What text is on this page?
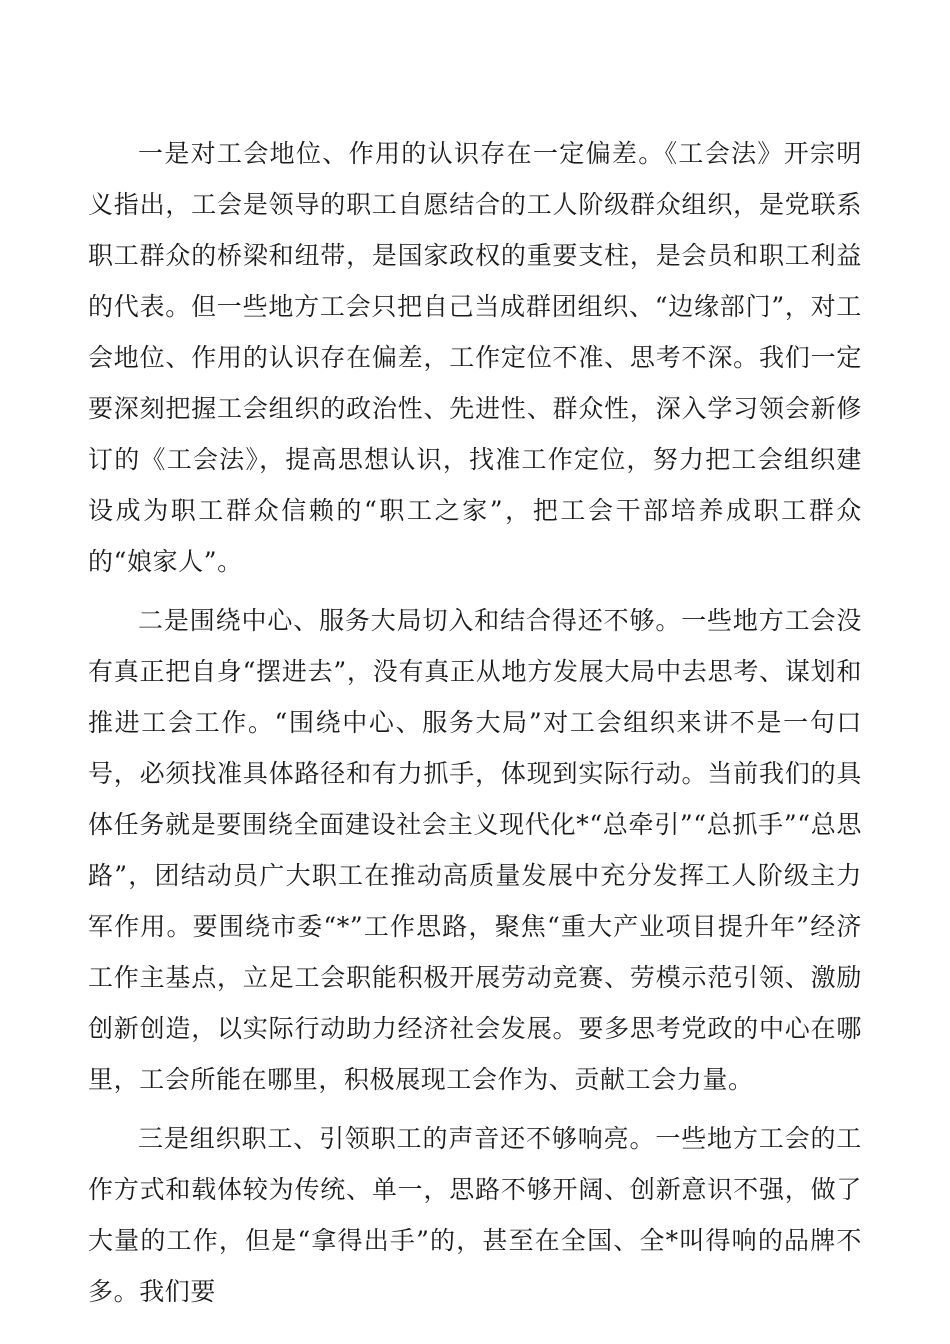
一是对工会地位、作用的认识存在一定偏差。《工会法》开宗明义指出，工会是领导的职工自愿结合的工人阶级群众组织，是党联系职工群众的桥梁和纽带，是国家政权的重要支柱，是会员和职工利益的代表。但一些地方工会只把自己当成群团组织、“边缘部门”，对工会地位、作用的认识存在偏差，工作定位不准、思考不深。我们一定要深刻把握工会组织的政治性、先进性、群众性，深入学习领会新修订的《工会法》，提高思想认识，找准工作定位，努力把工会组织建设成为职工群众信赖的“职工之家”，把工会干部培养成职工群众的“娘家人”。

二是围绕中心、服务大局切入和结合得还不够。一些地方工会没有真正把自身“摆进去”，没有真正从地方发展大局中去思考、谋划和推进工会工作。“围绕中心、服务大局”对工会组织来讲不是一句口号，必须找准具体路径和有力抓手，体现到实际行动。当前我们的具体任务就是要围绕全面建设社会主义现代化*“总牵引”“总抓手”“总思路”，团结动员广大职工在推动高质量发展中充分发挥工人阶级主力军作用。要围绕市委“*”工作思路，聚焦“重大产业项目提升年”经济工作主基点，立足工会职能积极开展劳动竞赛、劳模示范引领、激励创新创造，以实际行动助力经济社会发展。要多思考党政的中心在哪里，工会所能在哪里，积极展现工会作为、贡献工会力量。

三是组织职工、引领职工的声音还不够响亮。一些地方工会的工作方式和载体较为传统、单一，思路不够开阔、创新意识不强，做了大量的工作，但是“拿得出手”的，甚至在全国、全*叫得响的品牌不多。我们要
